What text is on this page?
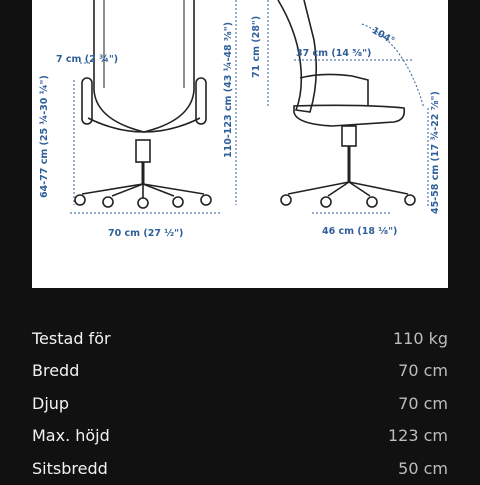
7 cm (2 ¾")
64-77 cm (25 ¼-30 ¼")	110-123 cm (43 ¼-48 ⅜")
70 cm (27 ½")
71 cm (28")	37 cm (14 ⅝")
104°
45-58 cm (17 ¾-22 ⅞")
46 cm (18 ⅛")
Testad för	110 kg
Bredd	70 cm
Djup	70 cm
Max. höjd	123 cm
Sitsbredd	50 cm
